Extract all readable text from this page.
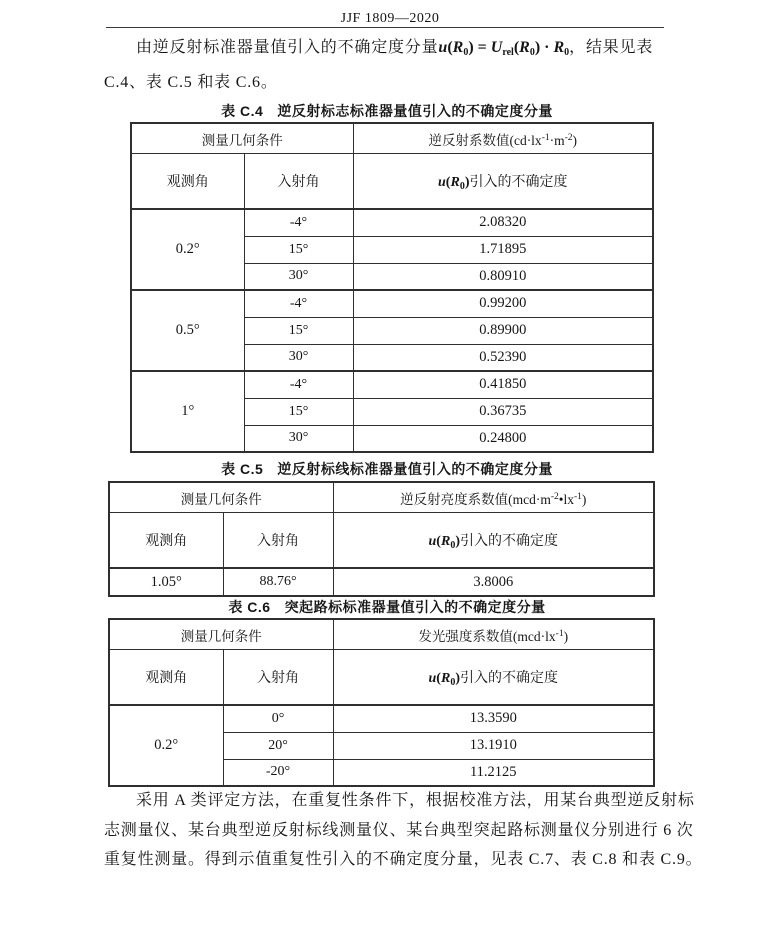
JJF 1809—2020
由逆反射标准器量值引入的不确定度分量$u(R_0) = U_{rel}(R_0) \cdot R_0$，结果见表
C.4、表 C.5 和表 C.6。
表 C.4 逆反射标志标准器量值引入的不确定度分量
测量几何条件		逆反射系数值$(cd\cdot lx^{-1}\cdot m^{-2})$
观测角	入射角	$u(R_0)$引入的不确定度
0.2°	-4°	2.08320
	15°	1.71895
	30°	0.80910
0.5°	-4°	0.99200
	15°	0.89900
	30°	0.52390
1°	-4°	0.41850
	15°	0.36735
	30°	0.24800
表 C.5 逆反射标线标准器量值引入的不确定度分量
测量几何条件		逆反射亮度系数值$(mcd\cdot m^{-2}•lx^{-1})$
观测角	入射角	$u(R_0)$引入的不确定度
1.05°	88.76°	3.8006
表 C.6 突起路标标准器量值引入的不确定度分量
测量几何条件		发光强度系数值$(mcd\cdot lx^{-1})$
观测角	入射角	$u(R_0)$引入的不确定度
0.2°	0°	13.3590
	20°	13.1910
	-20°	11.2125
采用 A 类评定方法，在重复性条件下，根据校准方法，用某台典型逆反射标
志测量仪、某台典型逆反射标线测量仪、某台典型突起路标测量仪分别进行 6 次
重复性测量。得到示值重复性引入的不确定度分量，见表 C.7、表 C.8 和表 C.9。
